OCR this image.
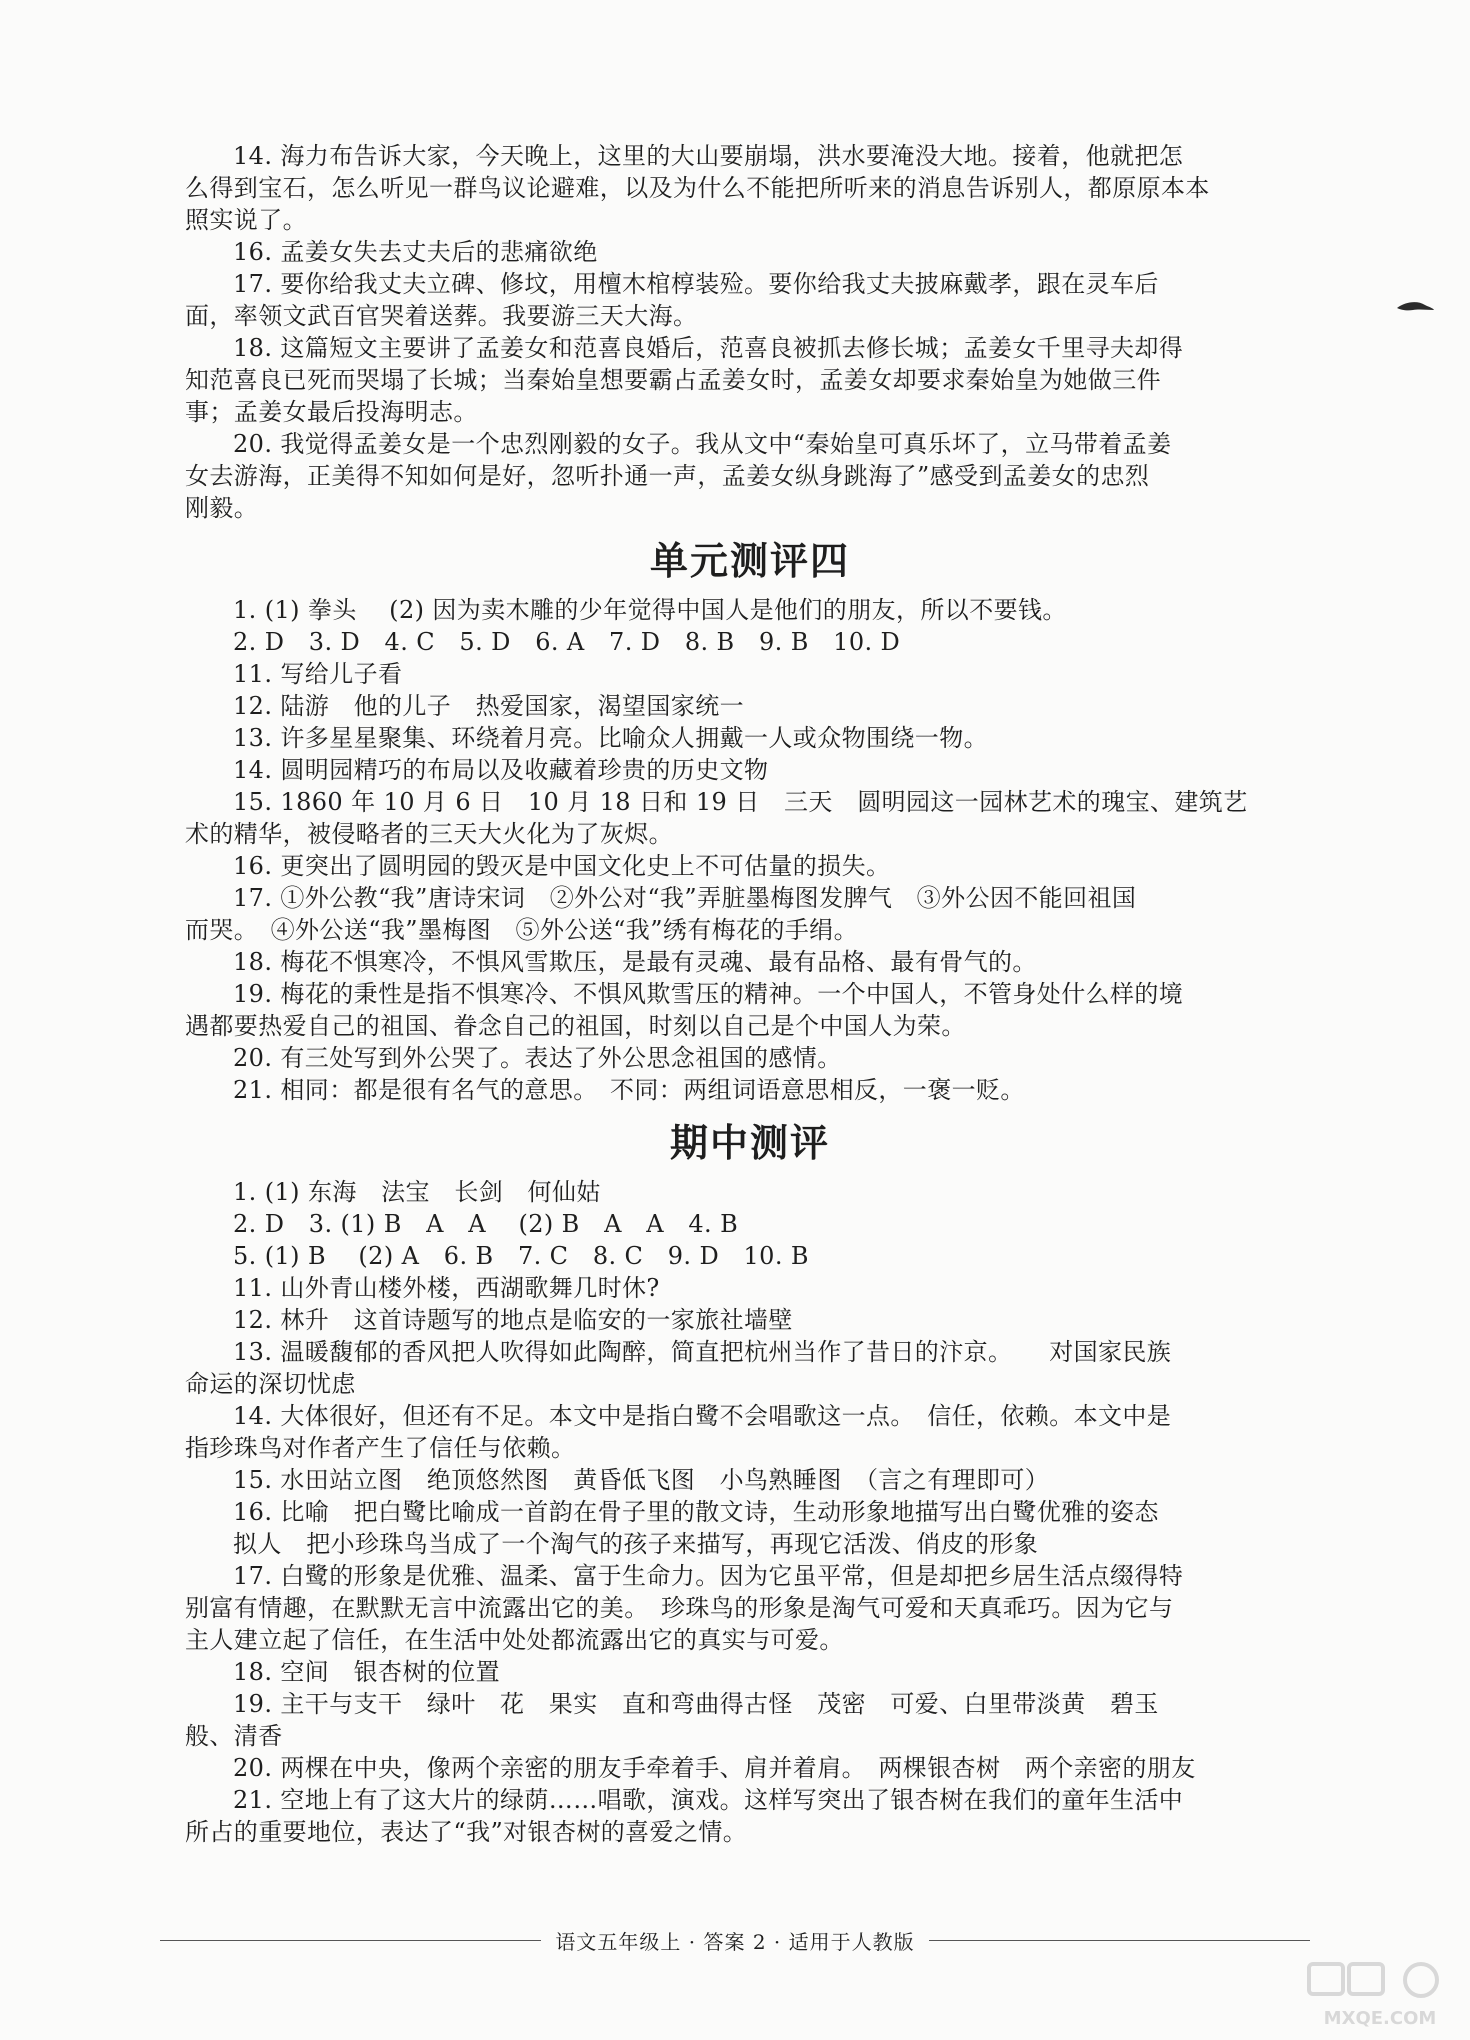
14. 海力布告诉大家，今天晚上，这里的大山要崩塌，洪水要淹没大地。接着，他就把怎
么得到宝石，怎么听见一群鸟议论避难，以及为什么不能把所听来的消息告诉别人，都原原本本
照实说了。
16. 孟姜女失去丈夫后的悲痛欲绝
17. 要你给我丈夫立碑、修坟，用檀木棺椁装殓。要你给我丈夫披麻戴孝，跟在灵车后
面，率领文武百官哭着送葬。我要游三天大海。
18. 这篇短文主要讲了孟姜女和范喜良婚后，范喜良被抓去修长城；孟姜女千里寻夫却得
知范喜良已死而哭塌了长城；当秦始皇想要霸占孟姜女时，孟姜女却要求秦始皇为她做三件
事；孟姜女最后投海明志。
20. 我觉得孟姜女是一个忠烈刚毅的女子。我从文中“秦始皇可真乐坏了，立马带着孟姜
女去游海，正美得不知如何是好，忽听扑通一声，孟姜女纵身跳海了”感受到孟姜女的忠烈
刚毅。
单元测评四
1. (1) 拳头　 (2) 因为卖木雕的少年觉得中国人是他们的朋友，所以不要钱。
2. D　3. D　4. C　5. D　6. A　7. D　8. B　9. B　10. D
11. 写给儿子看
12. 陆游　他的儿子　热爱国家，渴望国家统一
13. 许多星星聚集、环绕着月亮。比喻众人拥戴一人或众物围绕一物。
14. 圆明园精巧的布局以及收藏着珍贵的历史文物
15. 1860 年 10 月 6 日　10 月 18 日和 19 日　三天　圆明园这一园林艺术的瑰宝、建筑艺
术的精华，被侵略者的三天大火化为了灰烬。
16. 更突出了圆明园的毁灭是中国文化史上不可估量的损失。
17. ①外公教“我”唐诗宋词　②外公对“我”弄脏墨梅图发脾气　③外公因不能回祖国
而哭。　④外公送“我”墨梅图　⑤外公送“我”绣有梅花的手绢。
18. 梅花不惧寒冷，不惧风雪欺压，是最有灵魂、最有品格、最有骨气的。
19. 梅花的秉性是指不惧寒冷、不惧风欺雪压的精神。一个中国人，不管身处什么样的境
遇都要热爱自己的祖国、眷念自己的祖国，时刻以自己是个中国人为荣。
20. 有三处写到外公哭了。表达了外公思念祖国的感情。
21. 相同：都是很有名气的意思。　不同：两组词语意思相反，一褒一贬。
期中测评
1. (1) 东海　法宝　长剑　何仙姑
2. D　3. (1) B　A　A　 (2) B　A　A　4. B
5. (1) B　 (2) A　6. B　7. C　8. C　9. D　10. B
11. 山外青山楼外楼，西湖歌舞几时休?
12. 林升　这首诗题写的地点是临安的一家旅社墙壁
13. 温暖馥郁的香风把人吹得如此陶醉，简直把杭州当作了昔日的汴京。　　对国家民族
命运的深切忧虑
14. 大体很好，但还有不足。本文中是指白鹭不会唱歌这一点。　信任，依赖。本文中是
指珍珠鸟对作者产生了信任与依赖。
15. 水田站立图　绝顶悠然图　黄昏低飞图　小鸟熟睡图　（言之有理即可）
16. 比喻　把白鹭比喻成一首韵在骨子里的散文诗，生动形象地描写出白鹭优雅的姿态
拟人　把小珍珠鸟当成了一个淘气的孩子来描写，再现它活泼、俏皮的形象
17. 白鹭的形象是优雅、温柔、富于生命力。因为它虽平常，但是却把乡居生活点缀得特
别富有情趣，在默默无言中流露出它的美。　珍珠鸟的形象是淘气可爱和天真乖巧。因为它与
主人建立起了信任，在生活中处处都流露出它的真实与可爱。
18. 空间　银杏树的位置
19. 主干与支干　绿叶　花　果实　直和弯曲得古怪　茂密　可爱、白里带淡黄　碧玉
般、清香
20. 两棵在中央，像两个亲密的朋友手牵着手、肩并着肩。　两棵银杏树　两个亲密的朋友
21. 空地上有了这大片的绿荫……唱歌，演戏。这样写突出了银杏树在我们的童年生活中
所占的重要地位，表达了“我”对银杏树的喜爱之情。
语文五年级上 · 答案 2 · 适用于人教版
MXQE.COM
